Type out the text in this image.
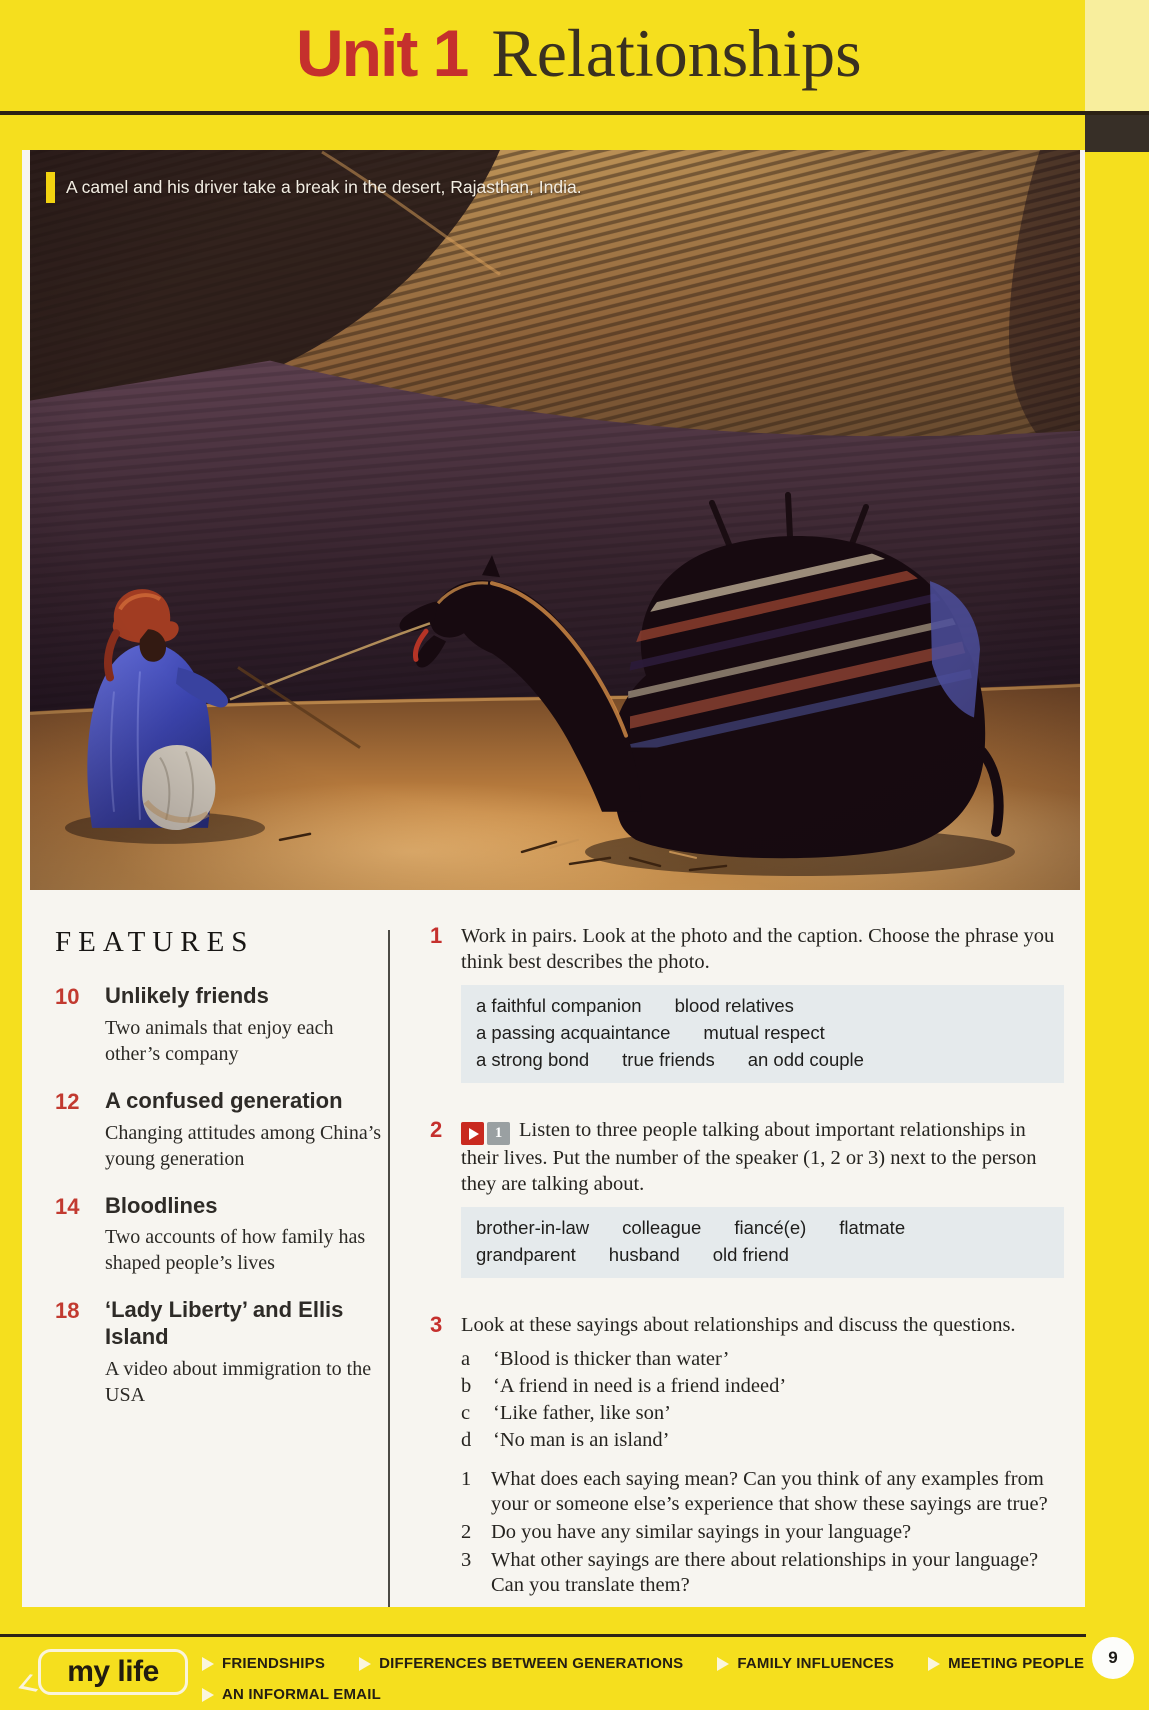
Unit 1 Relationships
A camel and his driver take a break in the desert, Rajasthan, India.
FEATURES
10	Unlikely friends
Two animals that enjoy each other’s company
12	A confused generation
Changing attitudes among China’s young generation
14	Bloodlines
Two accounts of how family has shaped people’s lives
18	‘Lady Liberty’ and Ellis Island
A video about immigration to the USA
1 Work in pairs. Look at the photo and the caption. Choose the phrase you think best describes the photo.

a faithful companion blood relatives
a passing acquaintance mutual respect
a strong bond true friends an odd couple
2	1 Listen to three people talking about important relationships in their lives. Put the number of the speaker (1, 2 or 3) next to the person they are talking about.

brother-in-law colleague fiancé(e) flatmate
grandparent husband old friend
3 Look at these sayings about relationships and discuss the questions.

a	‘Blood is thicker than water’
b	‘A friend in need is a friend indeed’
c	‘Like father, like son’
d	‘No man is an island’
1 What does each saying mean? Can you think of any examples from your or someone else’s experience that show these sayings are true?
2 Do you have any similar sayings in your language?
3 What other sayings are there about relationships in your language? Can you translate them?
my life	FRIENDSHIPS	DIFFERENCES BETWEEN GENERATIONS	FAMILY INFLUENCES	MEETING PEOPLE
AN INFORMAL EMAIL
9
